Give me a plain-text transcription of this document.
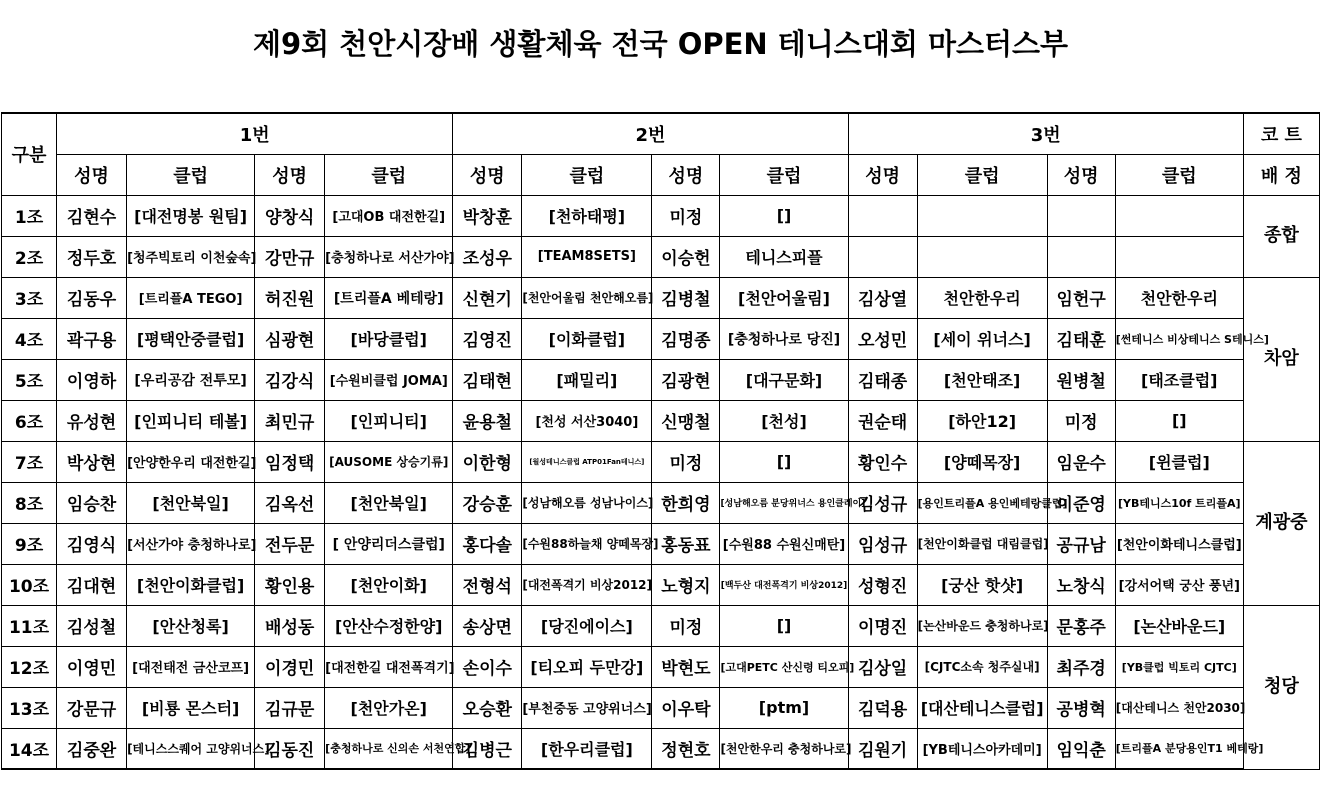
제9회 천안시장배 생활체육 전국 OPEN 테니스대회 마스터스부
구분	1번				2번				3번				코 트
	성명	클럽	성명	클럽	성명	클럽	성명	클럽	성명	클럽	성명	클럽	배 정
1조	김현수	[대전명봉 원팀]	양창식	[고대OB 대전한길]	박창훈	[천하태평]	미정	[]					종합
2조	정두호	[청주빅토리 이천숲속]	강만규	[충청하나로 서산가야]	조성우	[TEAM8SETS]	이승헌	테니스피플					
3조	김동우	[트리플A TEGO]	허진원	[트리플A 베테랑]	신현기	[천안어울림 천안해오름]	김병철	[천안어울림]	김상열	천안한우리	임헌구	천안한우리	차암
4조	곽구용	[평택안중클럽]	심광현	[바당클럽]	김영진	[이화클럽]	김명종	[충청하나로 당진]	오성민	[세이 위너스]	김태훈	[썬테니스 비상테니스 S테니스]	
5조	이영하	[우리공감 전투모]	김강식	[수원비클럽 JOMA]	김태현	[패밀리]	김광현	[대구문화]	김태종	[천안태조]	원병철	[태조클럽]	
6조	유성현	[인피니티 테볼]	최민규	[인피니티]	윤용철	[천성 서산3040]	신맹철	[천성]	권순태	[하안12]	미정	[]	
7조	박상현	[안양한우리 대전한길]	임정택	[AUSOME 상승기류]	이한형	[월성테니스클럽 ATP01Fan테니스]	미정	[]	황인수	[양떼목장]	임운수	[윈클럽]	계광중
8조	임승찬	[천안북일]	김옥선	[천안북일]	강승훈	[성남해오름 성남나이스]	한희영	[성남해오름 분당위너스 용인클레이]	김성규	[용인트리플A 용인베테랑클럽]	이준영	[YB테니스10f 트리플A]	
9조	김영식	[서산가야 충청하나로]	전두문	[ 안양리더스클럽]	홍다솔	[수원88하늘채 양떼목장]	홍동표	[수원88 수원신매탄]	임성규	[천안이화클럽 대림클럽]	공규남	[천안이화테니스클럽]	
10조	김대현	[천안이화클럽]	황인용	[천안이화]	전형석	[대전폭격기 비상2012]	노형지	[백두산 대전폭격기 비상2012]	성형진	[궁산 핫샷]	노창식	[강서어택 궁산 풍년]	
11조	김성철	[안산청록]	배성동	[안산수정한양]	송상면	[당진에이스]	미정	[]	이명진	[논산바운드 충청하나로]	문홍주	[논산바운드]	청당
12조	이영민	[대전태전 금산코프]	이경민	[대전한길 대전폭격기]	손이수	[티오피 두만강]	박현도	[고대PETC 산신령 티오피]	김상일	[CJTC소속 청주실내]	최주경	[YB클럽 빅토리 CJTC]	
13조	강문규	[비룡 몬스터]	김규문	[천안가온]	오승환	[부천중동 고양위너스]	이우탁	[ptm]	김덕용	[대산테니스클럽]	공병혁	[대산테니스 천안2030]	
14조	김중완	[테니스스퀘어 고양위너스]	김동진	[충청하나로 신의손 서천연합]	김병근	[한우리클럽]	정현호	[천안한우리 충청하나로]	김원기	[YB테니스아카데미]	임익춘	[트리플A 분당용인T1 베테랑]	
